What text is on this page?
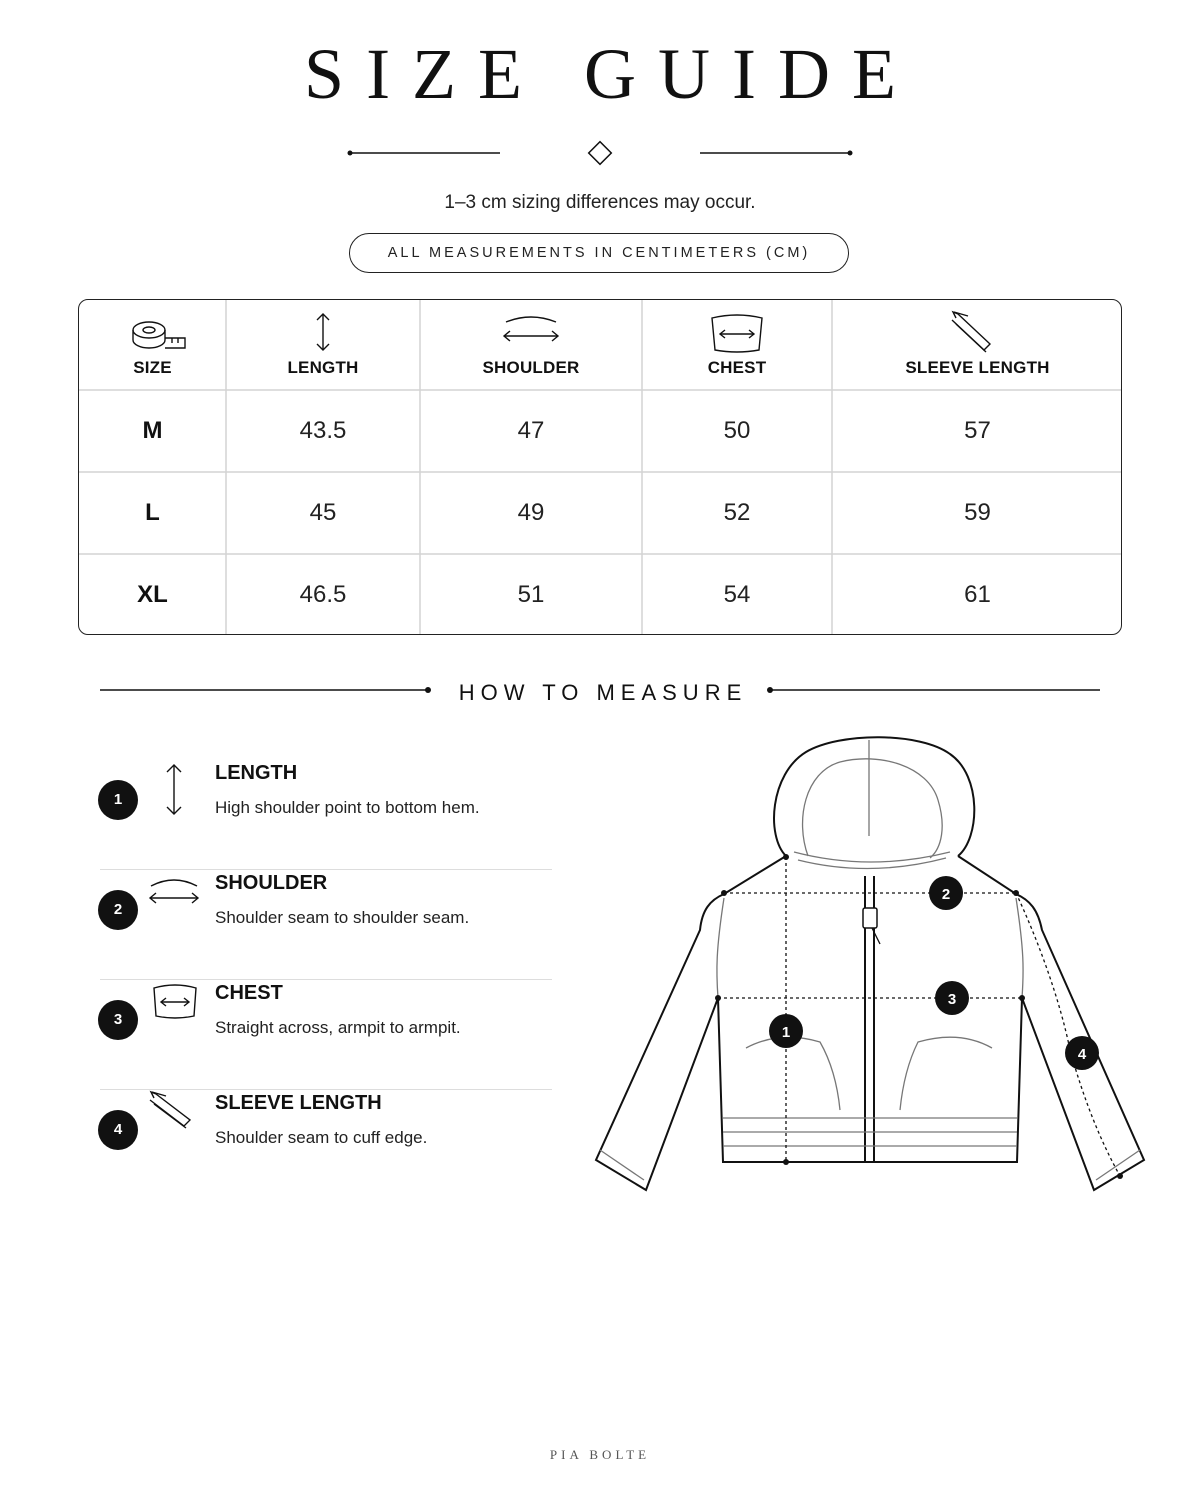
SIZE GUIDE
1–3 cm sizing differences may occur.
ALL MEASUREMENTS IN CENTIMETERS (CM)
SIZE	LENGTH	SHOULDER	CHEST	SLEEVE LENGTH
M	43.5	47	50	57
L	45	49	52	59
XL	46.5	51	54	61
HOW TO MEASURE
1
LENGTH
High shoulder point to bottom hem.
2
SHOULDER
Shoulder seam to shoulder seam.
3
CHEST
Straight across, armpit to armpit.
4
SLEEVE LENGTH
Shoulder seam to cuff edge.
1
2
3
4
PIA BOLTE
